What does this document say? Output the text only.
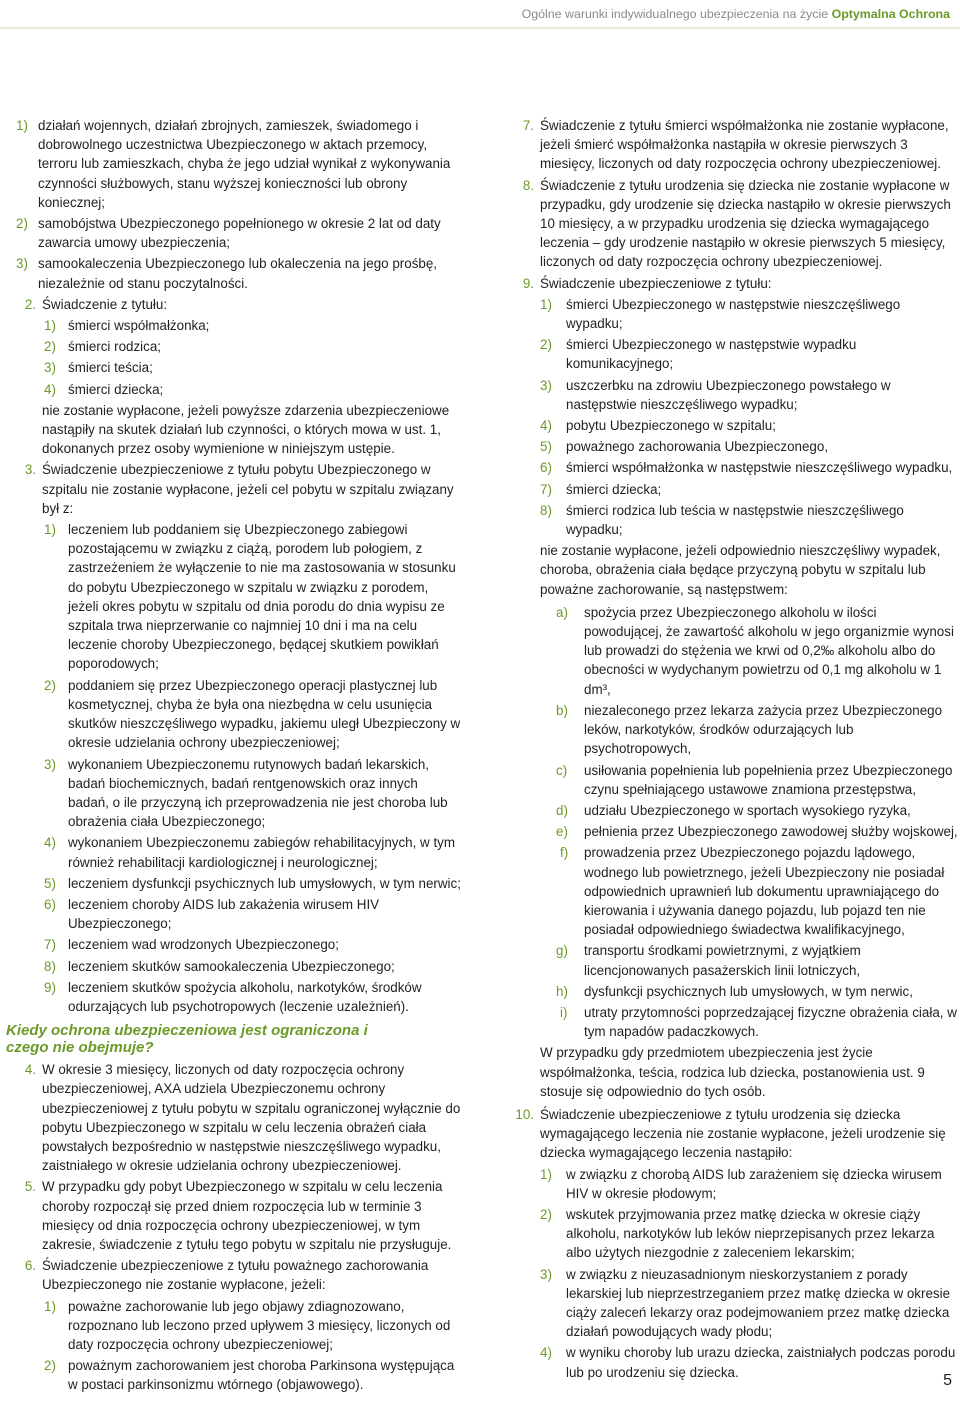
Ogólne warunki indywidualnego ubezpieczenia na życie Optymalna Ochrona
1) działań wojennych, działań zbrojnych, zamieszek, świadomego i dobrowolnego uczestnictwa Ubezpieczonego w aktach przemocy, terroru lub zamieszkach, chyba że jego udział wynikał z wykonywania czynności służbowych, stanu wyższej konieczności lub obrony koniecznej;
2) samobójstwa Ubezpieczonego popełnionego w okresie 2 lat od daty zawarcia umowy ubezpieczenia;
3) samookaleczenia Ubezpieczonego lub okaleczenia na jego prośbę, niezależnie od stanu poczytalności.
2. Świadczenie z tytułu:
1) śmierci współmałżonka;
2) śmierci rodzica;
3) śmierci teścia;
4) śmierci dziecka;

nie zostanie wypłacone, jeżeli powyższe zdarzenia ubezpieczeniowe nastąpiły na skutek działań lub czynności, o których mowa w ust. 1, dokonanych przez osoby wymienione w niniejszym ustępie.

3. Świadczenie ubezpieczeniowe z tytułu pobytu Ubezpieczonego w szpitalu nie zostanie wypłacone, jeżeli cel pobytu w szpitalu związany był z:
1) leczeniem lub poddaniem się Ubezpieczonego zabiegowi pozostającemu w związku z ciążą, porodem lub połogiem, z zastrzeżeniem że wyłączenie to nie ma zastosowania w stosunku do pobytu Ubezpieczonego w szpitalu w związku z porodem, jeżeli okres pobytu w szpitalu od dnia porodu do dnia wypisu ze szpitala trwa nieprzerwanie co najmniej 10 dni i ma na celu leczenie choroby Ubezpieczonego, będącej skutkiem powikłań poporodowych;
2) poddaniem się przez Ubezpieczonego operacji plastycznej lub kosmetycznej, chyba że była ona niezbędna w celu usunięcia skutków nieszczęśliwego wypadku, jakiemu uległ Ubezpieczony w okresie udzielania ochrony ubezpieczeniowej;
3) wykonaniem Ubezpieczonemu rutynowych badań lekarskich, badań biochemicznych, badań rentgenowskich oraz innych badań, o ile przyczyną ich przeprowadzenia nie jest choroba lub obrażenia ciała Ubezpieczonego;
4) wykonaniem Ubezpieczonemu zabiegów rehabilitacyjnych, w tym również rehabilitacji kardiologicznej i neurologicznej;
5) leczeniem dysfunkcji psychicznych lub umysłowych, w tym nerwic;
6) leczeniem choroby AIDS lub zakażenia wirusem HIV Ubezpieczonego;
7) leczeniem wad wrodzonych Ubezpieczonego;
8) leczeniem skutków samookaleczenia Ubezpieczonego;
9) leczeniem skutków spożycia alkoholu, narkotyków, środków odurzających lub psychotropowych (leczenie uzależnień).
Kiedy ochrona ubezpieczeniowa jest ograniczona i czego nie obejmuje?
4. W okresie 3 miesięcy, liczonych od daty rozpoczęcia ochrony ubezpieczeniowej, AXA udziela Ubezpieczonemu ochrony ubezpieczeniowej z tytułu pobytu w szpitalu ograniczonej wyłącznie do pobytu Ubezpieczonego w szpitalu w celu leczenia obrażeń ciała powstałych bezpośrednio w następstwie nieszczęśliwego wypadku, zaistniałego w okresie udzielania ochrony ubezpieczeniowej.
5. W przypadku gdy pobyt Ubezpieczonego w szpitalu w celu leczenia choroby rozpoczął się przed dniem rozpoczęcia lub w terminie 3 miesięcy od dnia rozpoczęcia ochrony ubezpieczeniowej, w tym zakresie, świadczenie z tytułu tego pobytu w szpitalu nie przysługuje.
6. Świadczenie ubezpieczeniowe z tytułu poważnego zachorowania Ubezpieczonego nie zostanie wypłacone, jeżeli:
1) poważne zachorowanie lub jego objawy zdiagnozowano, rozpoznano lub leczono przed upływem 3 miesięcy, liczonych od daty rozpoczęcia ochrony ubezpieczeniowej;
2) poważnym zachorowaniem jest choroba Parkinsona występująca w postaci parkinsonizmu wtórnego (objawowego).
7. Świadczenie z tytułu śmierci współmałżonka nie zostanie wypłacone, jeżeli śmierć współmałżonka nastąpiła w okresie pierwszych 3 miesięcy, liczonych od daty rozpoczęcia ochrony ubezpieczeniowej.
8. Świadczenie z tytułu urodzenia się dziecka nie zostanie wypłacone w przypadku, gdy urodzenie się dziecka nastąpiło w okresie pierwszych 10 miesięcy, a w przypadku urodzenia się dziecka wymagającego leczenia – gdy urodzenie nastąpiło w okresie pierwszych 5 miesięcy, liczonych od daty rozpoczęcia ochrony ubezpieczeniowej.
9. Świadczenie ubezpieczeniowe z tytułu:
1) śmierci Ubezpieczonego w następstwie nieszczęśliwego wypadku;
2) śmierci Ubezpieczonego w następstwie wypadku komunikacyjnego;
3) uszczerbku na zdrowiu Ubezpieczonego powstałego w następstwie nieszczęśliwego wypadku;
4) pobytu Ubezpieczonego w szpitalu;
5) poważnego zachorowania Ubezpieczonego,
6) śmierci współmałżonka w następstwie nieszczęśliwego wypadku,
7) śmierci dziecka;
8) śmierci rodzica lub teścia w następstwie nieszczęśliwego wypadku;

nie zostanie wypłacone, jeżeli odpowiednio nieszczęśliwy wypadek, choroba, obrażenia ciała będące przyczyną pobytu w szpitalu lub poważne zachorowanie, są następstwem:

a) spożycia przez Ubezpieczonego alkoholu w ilości powodującej, że zawartość alkoholu w jego organizmie wynosi lub prowadzi do stężenia we krwi od 0,2‰ alkoholu albo do obecności w wydychanym powietrzu od 0,1 mg alkoholu w 1 dm³,
b) niezaleconego przez lekarza zażycia przez Ubezpieczonego leków, narkotyków, środków odurzających lub psychotropowych,
c) usiłowania popełnienia lub popełnienia przez Ubezpieczonego czynu spełniającego ustawowe znamiona przestępstwa,
d) udziału Ubezpieczonego w sportach wysokiego ryzyka,
e) pełnienia przez Ubezpieczonego zawodowej służby wojskowej,
f) prowadzenia przez Ubezpieczonego pojazdu lądowego, wodnego lub powietrznego, jeżeli Ubezpieczony nie posiadał odpowiednich uprawnień lub dokumentu uprawniającego do kierowania i używania danego pojazdu, lub pojazd ten nie posiadał odpowiedniego świadectwa kwalifikacyjnego,
g) transportu środkami powietrznymi, z wyjątkiem licencjonowanych pasażerskich linii lotniczych,
h) dysfunkcji psychicznych lub umysłowych, w tym nerwic,
i) utraty przytomności poprzedzającej fizyczne obrażenia ciała, w tym napadów padaczkowych.

W przypadku gdy przedmiotem ubezpieczenia jest życie współmałżonka, teścia, rodzica lub dziecka, postanowienia ust. 9 stosuje się odpowiednio do tych osób.

10. Świadczenie ubezpieczeniowe z tytułu urodzenia się dziecka wymagającego leczenia nie zostanie wypłacone, jeżeli urodzenie się dziecka wymagającego leczenia nastąpiło:
1) w związku z chorobą AIDS lub zarażeniem się dziecka wirusem HIV w okresie płodowym;
2) wskutek przyjmowania przez matkę dziecka w okresie ciąży alkoholu, narkotyków lub leków nieprzepisanych przez lekarza albo użytych niezgodnie z zaleceniem lekarskim;
3) w związku z nieuzasadnionym nieskorzystaniem z porady lekarskiej lub nieprzestrzeganiem przez matkę dziecka w okresie ciąży zaleceń lekarzy oraz podejmowaniem przez matkę dziecka działań powodujących wady płodu;
4) w wyniku choroby lub urazu dziecka, zaistniałych podczas porodu lub po urodzeniu się dziecka.	5
